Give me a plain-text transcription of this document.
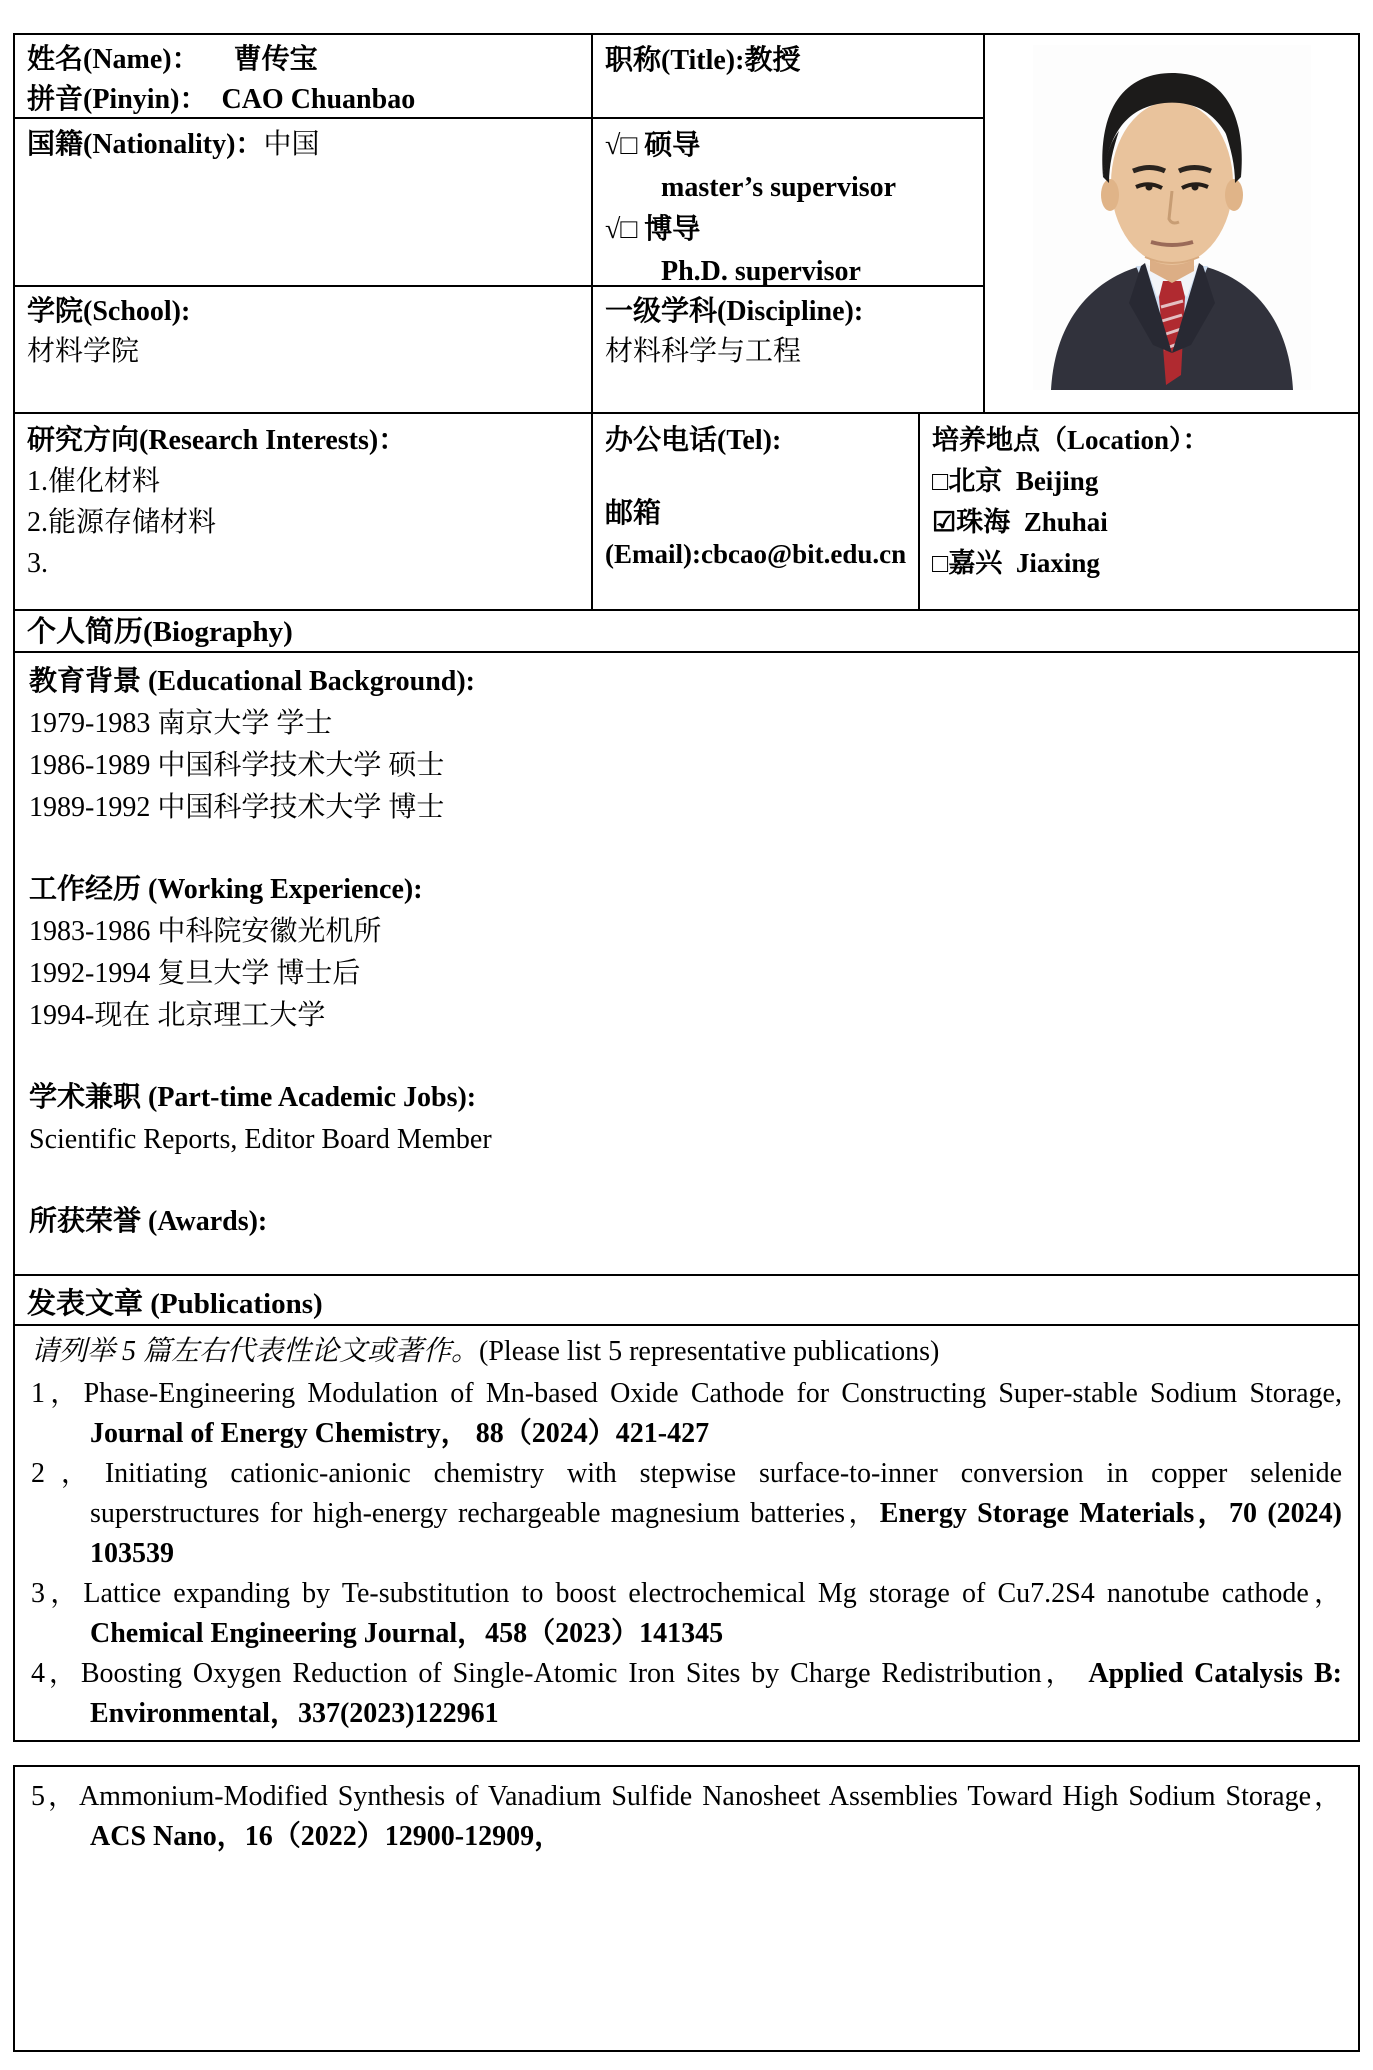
姓名(Name)： 曹传宝
拼音(Pinyin)： CAO Chuanbao
职称(Title):教授
国籍(Nationality)：中国	√□ 硕导
master’s supervisor
√□ 博导
Ph.D. supervisor
学院(School):
材料学院
一级学科(Discipline):
材料科学与工程
研究方向(Research Interests)：
1.催化材料
2.能源存储材料
3.
办公电话(Tel):
邮箱
(Email):cbcao@bit.edu.cn
培养地点（Location）：
□北京 Beijing
☑珠海 Zhuhai
□嘉兴 Jiaxing
个人简历(Biography)
教育背景 (Educational Background):
1979-1983 南京大学 学士
1986-1989 中国科学技术大学 硕士
1989-1992 中国科学技术大学 博士
工作经历 (Working Experience):
1983-1986 中科院安徽光机所
1992-1994 复旦大学 博士后
1994-现在 北京理工大学
学术兼职 (Part-time Academic Jobs):
Scientific Reports, Editor Board Member
所获荣誉 (Awards):
发表文章 (Publications)
请列举 5 篇左右代表性论文或著作。(Please list 5 representative publications)

1，Phase-Engineering Modulation of Mn-based Oxide Cathode for Constructing Super-stable Sodium Storage, Journal of Energy Chemistry， 88（2024）421-427

2，Initiating cationic-anionic chemistry with stepwise surface-to-inner conversion in copper selenide superstructures for high-energy rechargeable magnesium batteries，Energy Storage Materials，70 (2024) 103539

3，Lattice expanding by Te-substitution to boost electrochemical Mg storage of Cu7.2S4 nanotube cathode， Chemical Engineering Journal，458（2023）141345

4，Boosting Oxygen Reduction of Single-Atomic Iron Sites by Charge Redistribution， Applied Catalysis B: Environmental，337(2023)122961

5，Ammonium-Modified Synthesis of Vanadium Sulfide Nanosheet Assemblies Toward High Sodium Storage，ACS Nano，16（2022）12900-12909，
